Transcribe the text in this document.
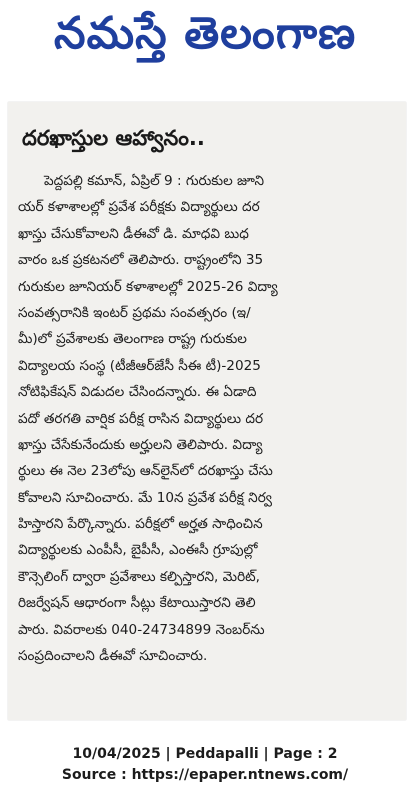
నమస్తే తెలంగాణ
దరఖాస్తుల ఆహ్వానం..
పెద్దపల్లి కమాన్, ఏప్రిల్ 9 : గురుకుల జూని
యర్ కళాశాలల్లో ప్రవేశ పరీక్షకు విద్యార్థులు దర
ఖాస్తు చేసుకోవాలని డీఈవో డి. మాధవి బుధ
వారం ఒక ప్రకటనలో తెలిపారు. రాష్ట్రంలోని 35
గురుకుల జూనియర్ కళాశాలల్లో 2025-26 విద్యా
సంవత్సరానికి ఇంటర్ ప్రథమ సంవత్సరం (ఇ/
మీ)లో ప్రవేశాలకు తెలంగాణ రాష్ట్ర గురుకుల
విద్యాలయ సంస్థ (టీజీఆర్‌జేసీ సీఈ టీ)-2025
నోటిఫికేషన్ విడుదల చేసిందన్నారు. ఈ ఏడాది
పదో తరగతి వార్షిక పరీక్ష రాసిన విద్యార్థులు దర
ఖాస్తు చేసేకునేందుకు అర్హులని తెలిపారు. విద్యా
ర్థులు ఈ నెల 23లోపు ఆన్‌లైన్‌లో దరఖాస్తు చేసు
కోవాలని సూచించారు. మే 10న ప్రవేశ పరీక్ష నిర్వ
హిస్తారని పేర్కొన్నారు. పరీక్షలో అర్హత సాధించిన
విద్యార్థులకు ఎంపీసీ, బైపీసీ, ఎంఈసీ గ్రూపుల్లో
కౌన్సెలింగ్ ద్వారా ప్రవేశాలు కల్పిస్తారని, మెరిట్,
రిజర్వేషన్ ఆధారంగా సీట్లు కేటాయిస్తారని తెలి
పారు. వివరాలకు 040-24734899 నెంబర్‌ను
సంప్రదించాలని డీఈవో సూచించారు.
10/04/2025 | Peddapalli | Page : 2
Source : https://epaper.ntnews.com/
